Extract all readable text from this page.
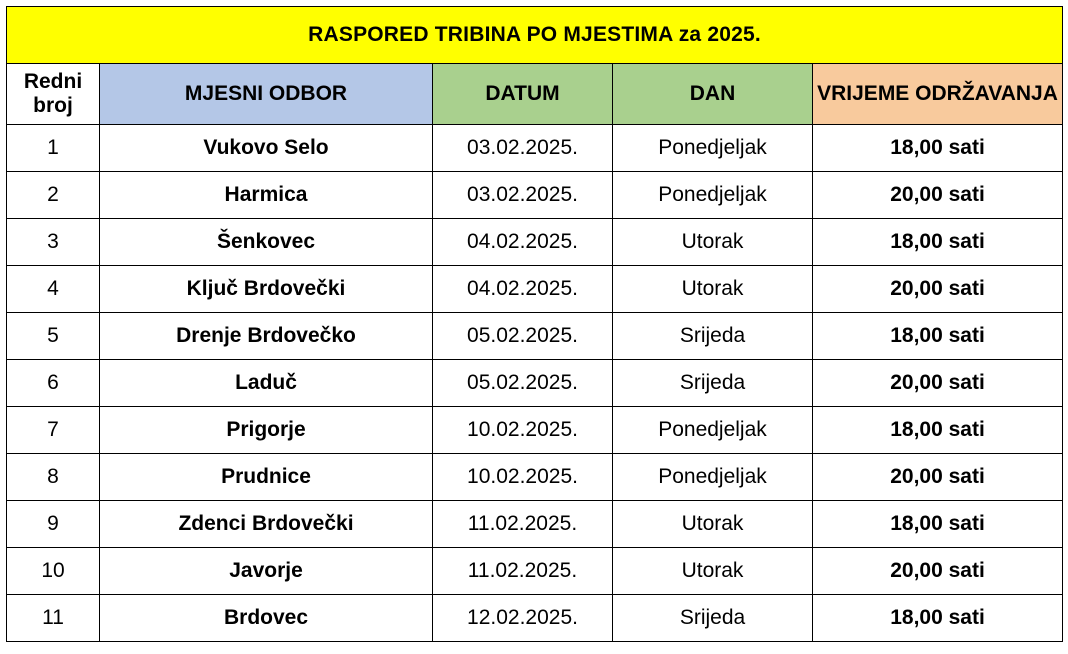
RASPORED TRIBINA PO MJESTIMA za 2025.				

Redni
broj	MJESNI ODBOR	DATUM	DAN	VRIJEME ODRŽAVANJA
1	Vukovo Selo	03.02.2025.	Ponedjeljak	18,00 sati
2	Harmica	03.02.2025.	Ponedjeljak	20,00 sati
3	Šenkovec	04.02.2025.	Utorak	18,00 sati
4	Ključ Brdovečki	04.02.2025.	Utorak	20,00 sati
5	Drenje Brdovečko	05.02.2025.	Srijeda	18,00 sati
6	Laduč	05.02.2025.	Srijeda	20,00 sati
7	Prigorje	10.02.2025.	Ponedjeljak	18,00 sati
8	Prudnice	10.02.2025.	Ponedjeljak	20,00 sati
9	Zdenci Brdovečki	11.02.2025.	Utorak	18,00 sati
10	Javorje	11.02.2025.	Utorak	20,00 sati
11	Brdovec	12.02.2025.	Srijeda	18,00 sati
